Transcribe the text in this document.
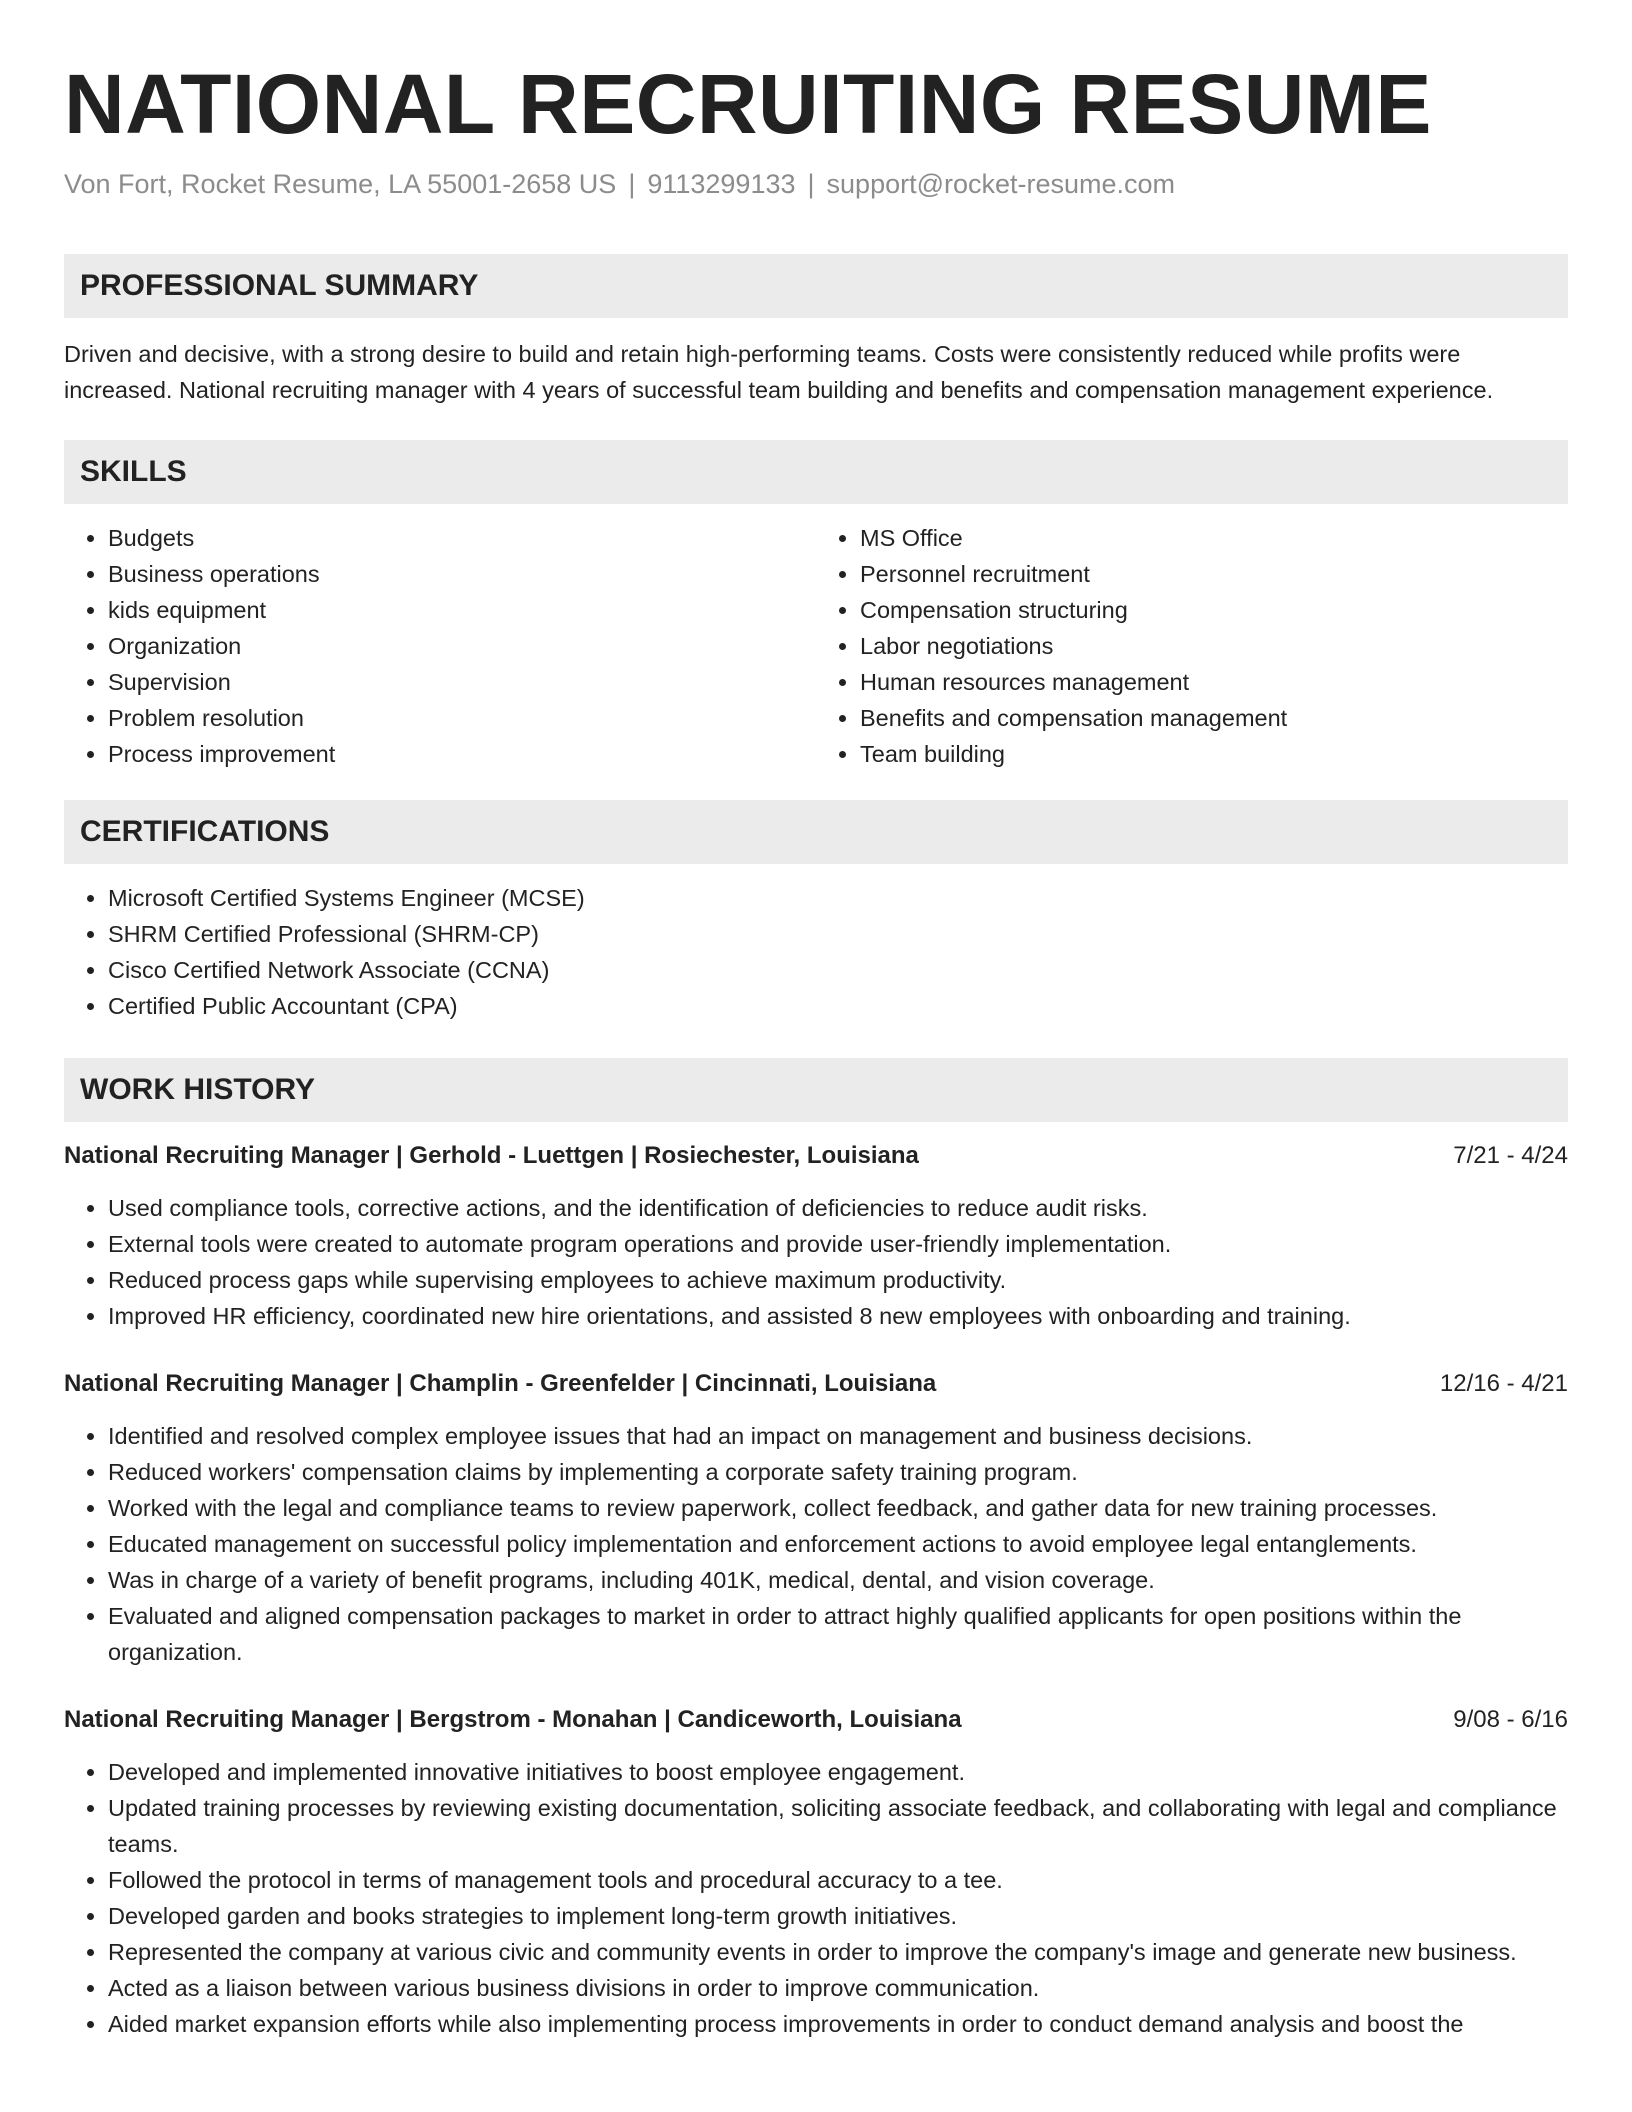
NATIONAL RECRUITING RESUME
Von Fort, Rocket Resume, LA 55001-2658 US | 9113299133 | support@rocket-resume.com
PROFESSIONAL SUMMARY

Driven and decisive, with a strong desire to build and retain high-performing teams. Costs were consistently reduced while profits were increased. National recruiting manager with 4 years of successful team building and benefits and compensation management experience.

SKILLS
• Budgets
• Business operations
• kids equipment
• Organization
• Supervision
• Problem resolution
• Process improvement
• MS Office
• Personnel recruitment
• Compensation structuring
• Labor negotiations
• Human resources management
• Benefits and compensation management
• Team building
CERTIFICATIONS
• Microsoft Certified Systems Engineer (MCSE)
• SHRM Certified Professional (SHRM-CP)
• Cisco Certified Network Associate (CCNA)
• Certified Public Accountant (CPA)
WORK HISTORY
National Recruiting Manager | Gerhold - Luettgen | Rosiechester, Louisiana	7/21 - 4/24
• Used compliance tools, corrective actions, and the identification of deficiencies to reduce audit risks.
• External tools were created to automate program operations and provide user-friendly implementation.
• Reduced process gaps while supervising employees to achieve maximum productivity.
• Improved HR efficiency, coordinated new hire orientations, and assisted 8 new employees with onboarding and training.
National Recruiting Manager | Champlin - Greenfelder | Cincinnati, Louisiana	12/16 - 4/21
• Identified and resolved complex employee issues that had an impact on management and business decisions.
• Reduced workers' compensation claims by implementing a corporate safety training program.
• Worked with the legal and compliance teams to review paperwork, collect feedback, and gather data for new training processes.
• Educated management on successful policy implementation and enforcement actions to avoid employee legal entanglements.
• Was in charge of a variety of benefit programs, including 401K, medical, dental, and vision coverage.
• Evaluated and aligned compensation packages to market in order to attract highly qualified applicants for open positions within the organization.
National Recruiting Manager | Bergstrom - Monahan | Candiceworth, Louisiana	9/08 - 6/16
• Developed and implemented innovative initiatives to boost employee engagement.
• Updated training processes by reviewing existing documentation, soliciting associate feedback, and collaborating with legal and compliance teams.
• Followed the protocol in terms of management tools and procedural accuracy to a tee.
• Developed garden and books strategies to implement long-term growth initiatives.
• Represented the company at various civic and community events in order to improve the company's image and generate new business.
• Acted as a liaison between various business divisions in order to improve communication.
• Aided market expansion efforts while also implementing process improvements in order to conduct demand analysis and boost the
